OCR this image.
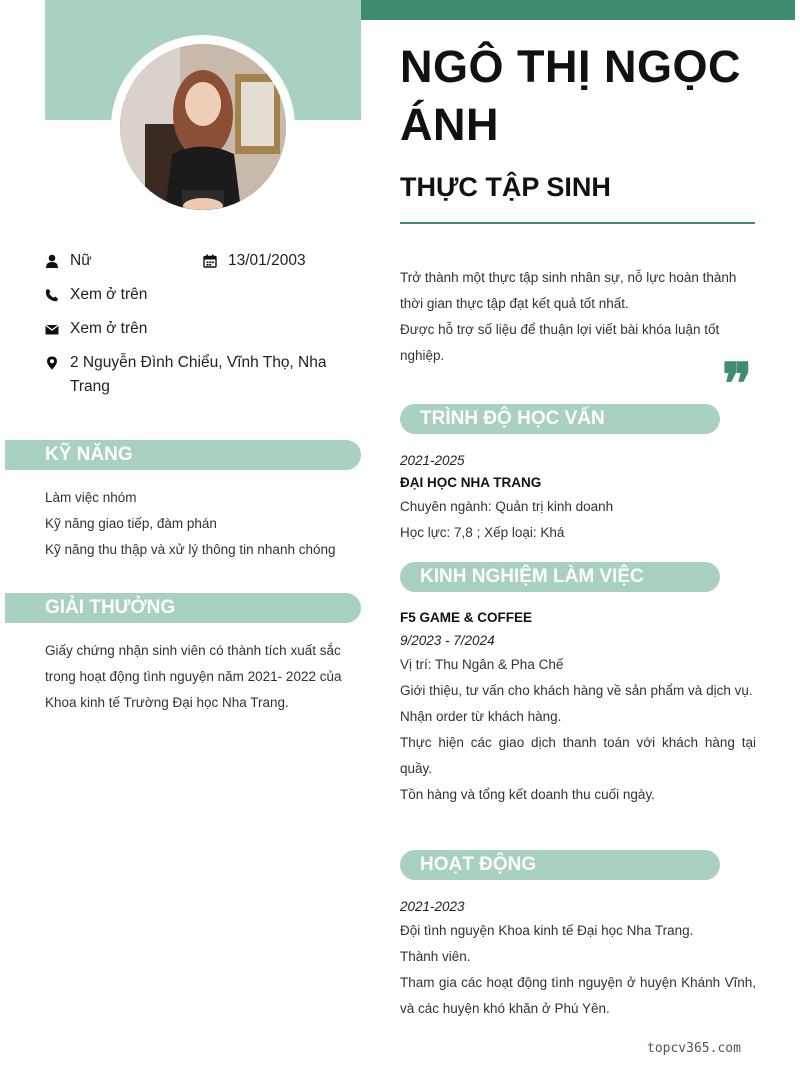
NGÔ THỊ NGỌC ÁNH
THỰC TẬP SINH
Nữ	13/01/2003
Xem ở trên
Xem ở trên
2 Nguyễn Đình Chiểu, Vĩnh Thọ, Nha Trang
Trở thành một thực tập sinh nhân sự, nỗ lực hoàn thành thời gian thực tập đạt kết quả tốt nhất.
Được hỗ trợ số liệu để thuận lợi viết bài khóa luận tốt nghiệp.	❞
KỸ NĂNG
Làm việc nhóm
Kỹ năng giao tiếp, đàm phán
Kỹ năng thu thập và xử lý thông tin nhanh chóng
GIẢI THƯỞNG
Giấy chứng nhận sinh viên có thành tích xuất sắc trong hoạt động tình nguyện năm 2021- 2022 của Khoa kinh tế Trường Đại học Nha Trang.
TRÌNH ĐỘ HỌC VẤN
2021-2025
ĐẠI HỌC NHA TRANG
Chuyên ngành: Quản trị kinh doanh
Học lực: 7,8 ; Xếp loại: Khá
KINH NGHIỆM LÀM VIỆC
F5 GAME & COFFEE
9/2023 - 7/2024
Vị trí: Thu Ngân & Pha Chế
Giới thiệu, tư vấn cho khách hàng về sản phẩm và dịch vụ.
Nhận order từ khách hàng.
Thực hiện các giao dịch thanh toán với khách hàng tại quầy.
Tồn hàng và tổng kết doanh thu cuối ngày.
HOẠT ĐỘNG
2021-2023
Đội tình nguyện Khoa kinh tế Đại học Nha Trang.
Thành viên.
Tham gia các hoạt động tình nguyện ở huyện Khánh Vĩnh, và các huyện khó khăn ở Phú Yên.
topcv365.com
